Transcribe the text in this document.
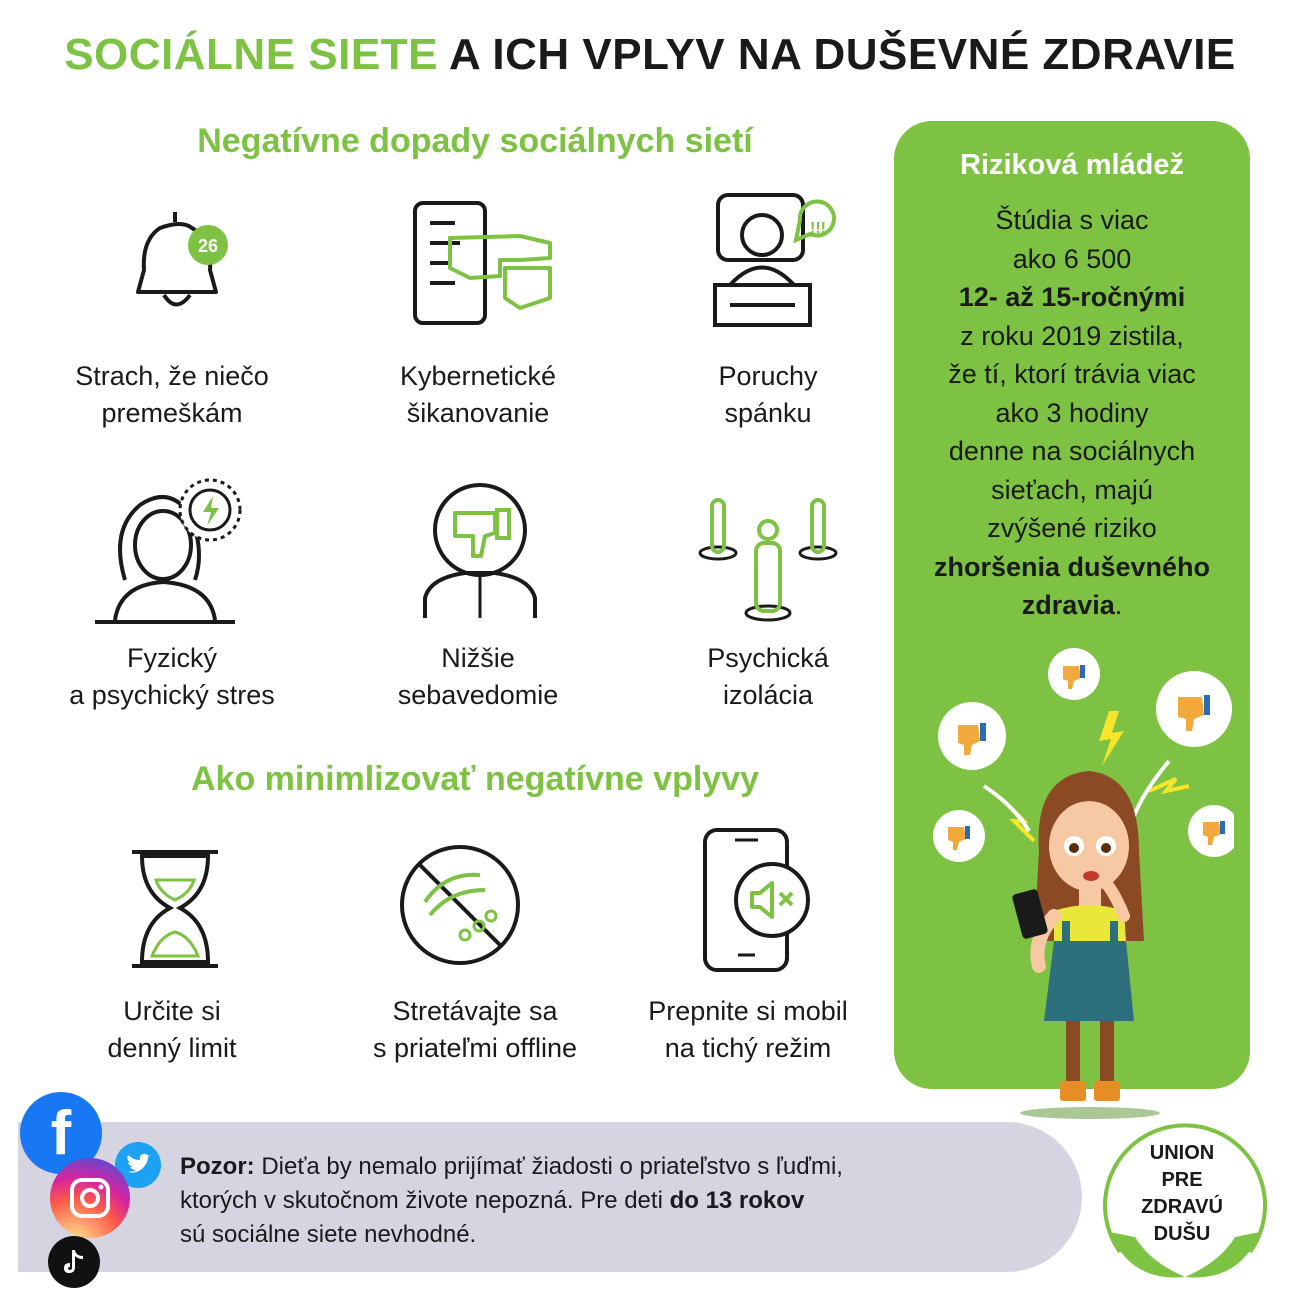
SOCIÁLNE SIETE A ICH VPLYV NA DUŠEVNÉ ZDRAVIE
Negatívne dopady sociálnych sietí
26
!!!
Strach, že niečo
premeškám
Kybernetické
šikanovanie
Poruchy
spánku
Fyzický
a psychický stres
Nižšie
sebavedomie
Psychická
izolácia
Ako minimlizovať negatívne vplyvy
Určite si
denný limit
Stretávajte sa
s priateľmi offline
Prepnite si mobil
na tichý režim
Riziková mládež
Štúdia s viac
ako 6 500
12- až 15-ročnými
z roku 2019 zistila,
že tí, ktorí trávia viac
ako 3 hodiny
denne na sociálnych
sieťach, majú
zvýšené riziko
zhoršenia duševného
zdravia.
Pozor: Dieťa by nemalo prijímať žiadosti o priateľstvo s ľuďmi,
ktorých v skutočnom živote nepozná. Pre deti do 13 rokov
sú sociálne siete nevhodné.
f	UNION
PRE
ZDRAVÚ
DUŠU
